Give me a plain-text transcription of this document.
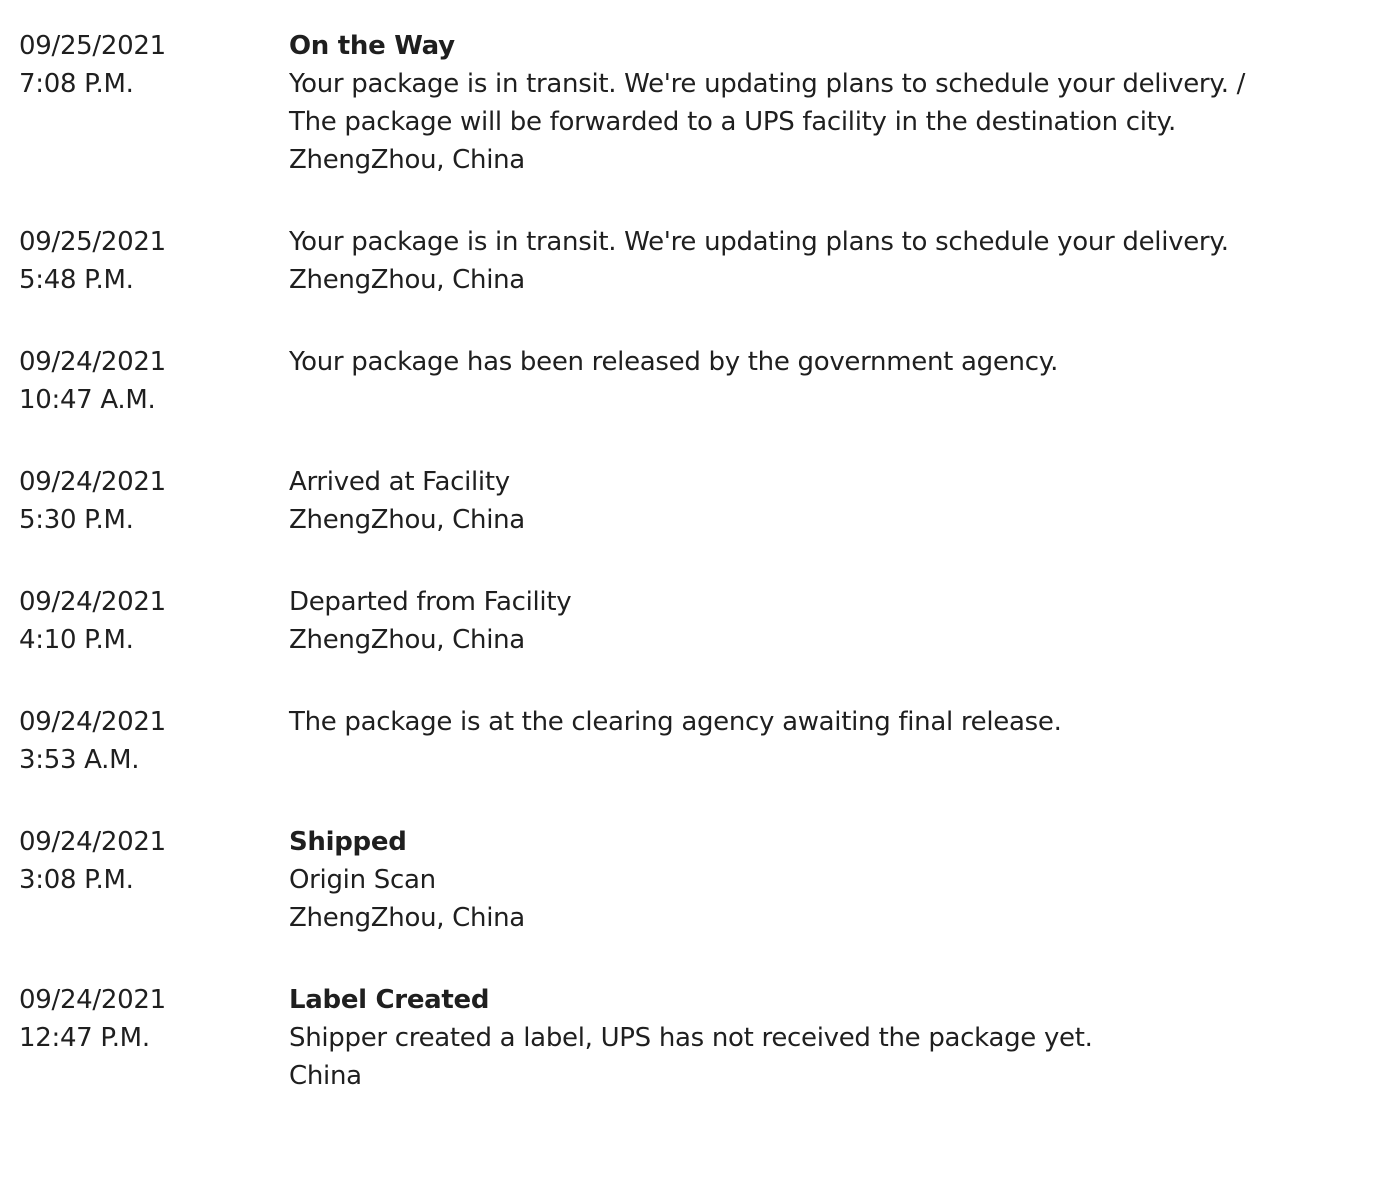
09/25/2021
7:08 P.M.
On the Way
Your package is in transit. We're updating plans to schedule your delivery. / The package will be forwarded to a UPS facility in the destination city.
ZhengZhou, China
09/25/2021
5:48 P.M.
Your package is in transit. We're updating plans to schedule your delivery.
ZhengZhou, China
09/24/2021
10:47 A.M.
Your package has been released by the government agency.
09/24/2021
5:30 P.M.
Arrived at Facility
ZhengZhou, China
09/24/2021
4:10 P.M.
Departed from Facility
ZhengZhou, China
09/24/2021
3:53 A.M.
The package is at the clearing agency awaiting final release.
09/24/2021
3:08 P.M.
Shipped
Origin Scan
ZhengZhou, China
09/24/2021
12:47 P.M.
Label Created
Shipper created a label, UPS has not received the package yet.
China
